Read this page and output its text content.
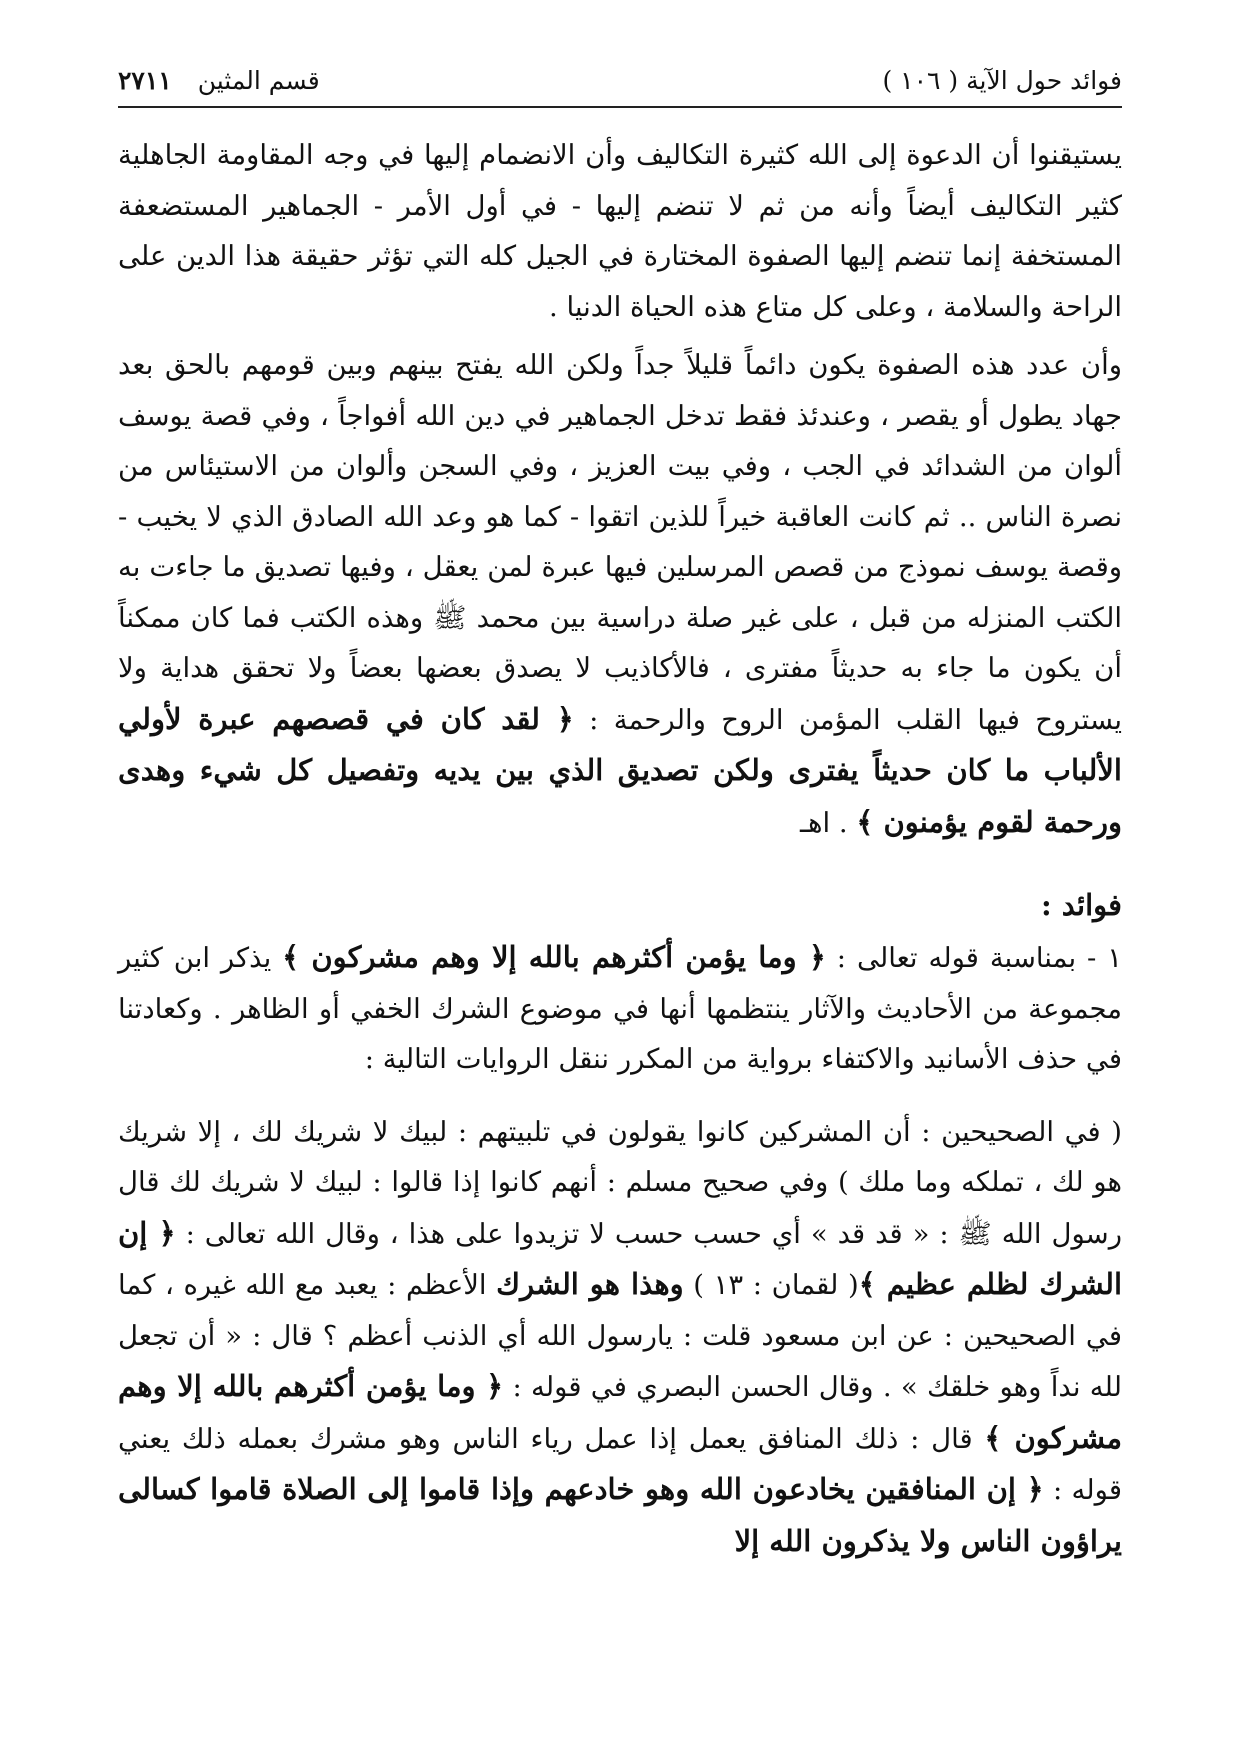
فوائد حول الآية ( ١٠٦ )
قسم المثين
٢٧١١

يستيقنوا أن الدعوة إلى الله كثيرة التكاليف وأن الانضمام إليها في وجه المقاومة الجاهلية كثير التكاليف أيضاً وأنه من ثم لا تنضم إليها - في أول الأمر - الجماهير المستضعفة المستخفة إنما تنضم إليها الصفوة المختارة في الجيل كله التي تؤثر حقيقة هذا الدين على الراحة والسلامة ، وعلى كل متاع هذه الحياة الدنيا .

وأن عدد هذه الصفوة يكون دائماً قليلاً جداً ولكن الله يفتح بينهم وبين قومهم بالحق بعد جهاد يطول أو يقصر ، وعندئذ فقط تدخل الجماهير في دين الله أفواجاً ، وفي قصة يوسف ألوان من الشدائد في الجب ، وفي بيت العزيز ، وفي السجن وألوان من الاستيئاس من نصرة الناس .. ثم كانت العاقبة خيراً للذين اتقوا - كما هو وعد الله الصادق الذي لا يخيب - وقصة يوسف نموذج من قصص المرسلين فيها عبرة لمن يعقل ، وفيها تصديق ما جاءت به الكتب المنزله من قبل ، على غير صلة دراسية بين محمد ﷺ وهذه الكتب فما كان ممكناً أن يكون ما جاء به حديثاً مفترى ، فالأكاذيب لا يصدق بعضها بعضاً ولا تحقق هداية ولا يستروح فيها القلب المؤمن الروح والرحمة : ﴿ لقد كان في قصصهم عبرة لأولي الألباب ما كان حديثاً يفترى ولكن تصديق الذي بين يديه وتفصيل كل شيء وهدى ورحمة لقوم يؤمنون ﴾ . اهـ

فوائد :

١ - بمناسبة قوله تعالى : ﴿ وما يؤمن أكثرهم بالله إلا وهم مشركون ﴾ يذكر ابن كثير مجموعة من الأحاديث والآثار ينتظمها أنها في موضوع الشرك الخفي أو الظاهر . وكعادتنا في حذف الأسانيد والاكتفاء برواية من المكرر ننقل الروايات التالية :

( في الصحيحين : أن المشركين كانوا يقولون في تلبيتهم : لبيك لا شريك لك ، إلا شريك هو لك ، تملكه وما ملك ) وفي صحيح مسلم : أنهم كانوا إذا قالوا : لبيك لا شريك لك قال رسول الله ﷺ : « قد قد » أي حسب حسب لا تزيدوا على هذا ، وقال الله تعالى : ﴿ إن الشرك لظلم عظيم ﴾( لقمان : ١٣ ) وهذا هو الشرك الأعظم : يعبد مع الله غيره ، كما في الصحيحين : عن ابن مسعود قلت : يارسول الله أي الذنب أعظم ؟ قال : « أن تجعل لله نداً وهو خلقك » . وقال الحسن البصري في قوله : ﴿ وما يؤمن أكثرهم بالله إلا وهم مشركون ﴾ قال : ذلك المنافق يعمل إذا عمل رياء الناس وهو مشرك بعمله ذلك يعني قوله : ﴿ إن المنافقين يخادعون الله وهو خادعهم وإذا قاموا إلى الصلاة قاموا كسالى يراؤون الناس ولا يذكرون الله إلا
